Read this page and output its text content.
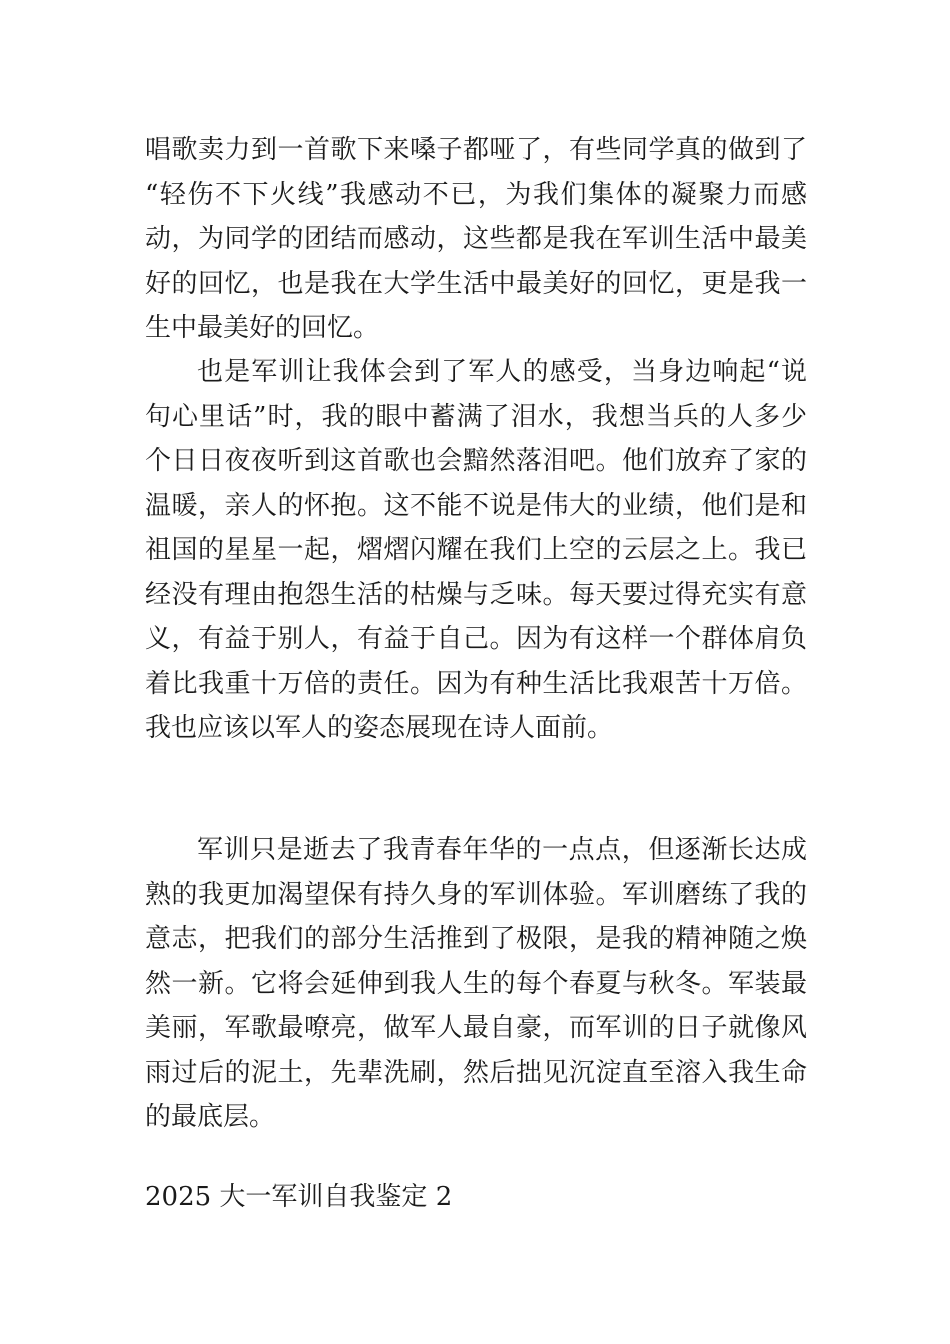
唱歌卖力到一首歌下来嗓子都哑了，有些同学真的做到了
“轻伤不下火线”我感动不已，为我们集体的凝聚力而感
动，为同学的团结而感动，这些都是我在军训生活中最美
好的回忆，也是我在大学生活中最美好的回忆，更是我一
生中最美好的回忆。
也是军训让我体会到了军人的感受，当身边响起“说
句心里话”时，我的眼中蓄满了泪水，我想当兵的人多少
个日日夜夜听到这首歌也会黯然落泪吧。他们放弃了家的
温暖，亲人的怀抱。这不能不说是伟大的业绩，他们是和
祖国的星星一起，熠熠闪耀在我们上空的云层之上。我已
经没有理由抱怨生活的枯燥与乏味。每天要过得充实有意
义，有益于别人，有益于自己。因为有这样一个群体肩负
着比我重十万倍的责任。因为有种生活比我艰苦十万倍。
我也应该以军人的姿态展现在诗人面前。
军训只是逝去了我青春年华的一点点，但逐渐长达成
熟的我更加渴望保有持久身的军训体验。军训磨练了我的
意志，把我们的部分生活推到了极限，是我的精神随之焕
然一新。它将会延伸到我人生的每个春夏与秋冬。军装最
美丽，军歌最嘹亮，做军人最自豪，而军训的日子就像风
雨过后的泥土，先辈洗刷，然后拙见沉淀直至溶入我生命
的最底层。
2025 大一军训自我鉴定 2
